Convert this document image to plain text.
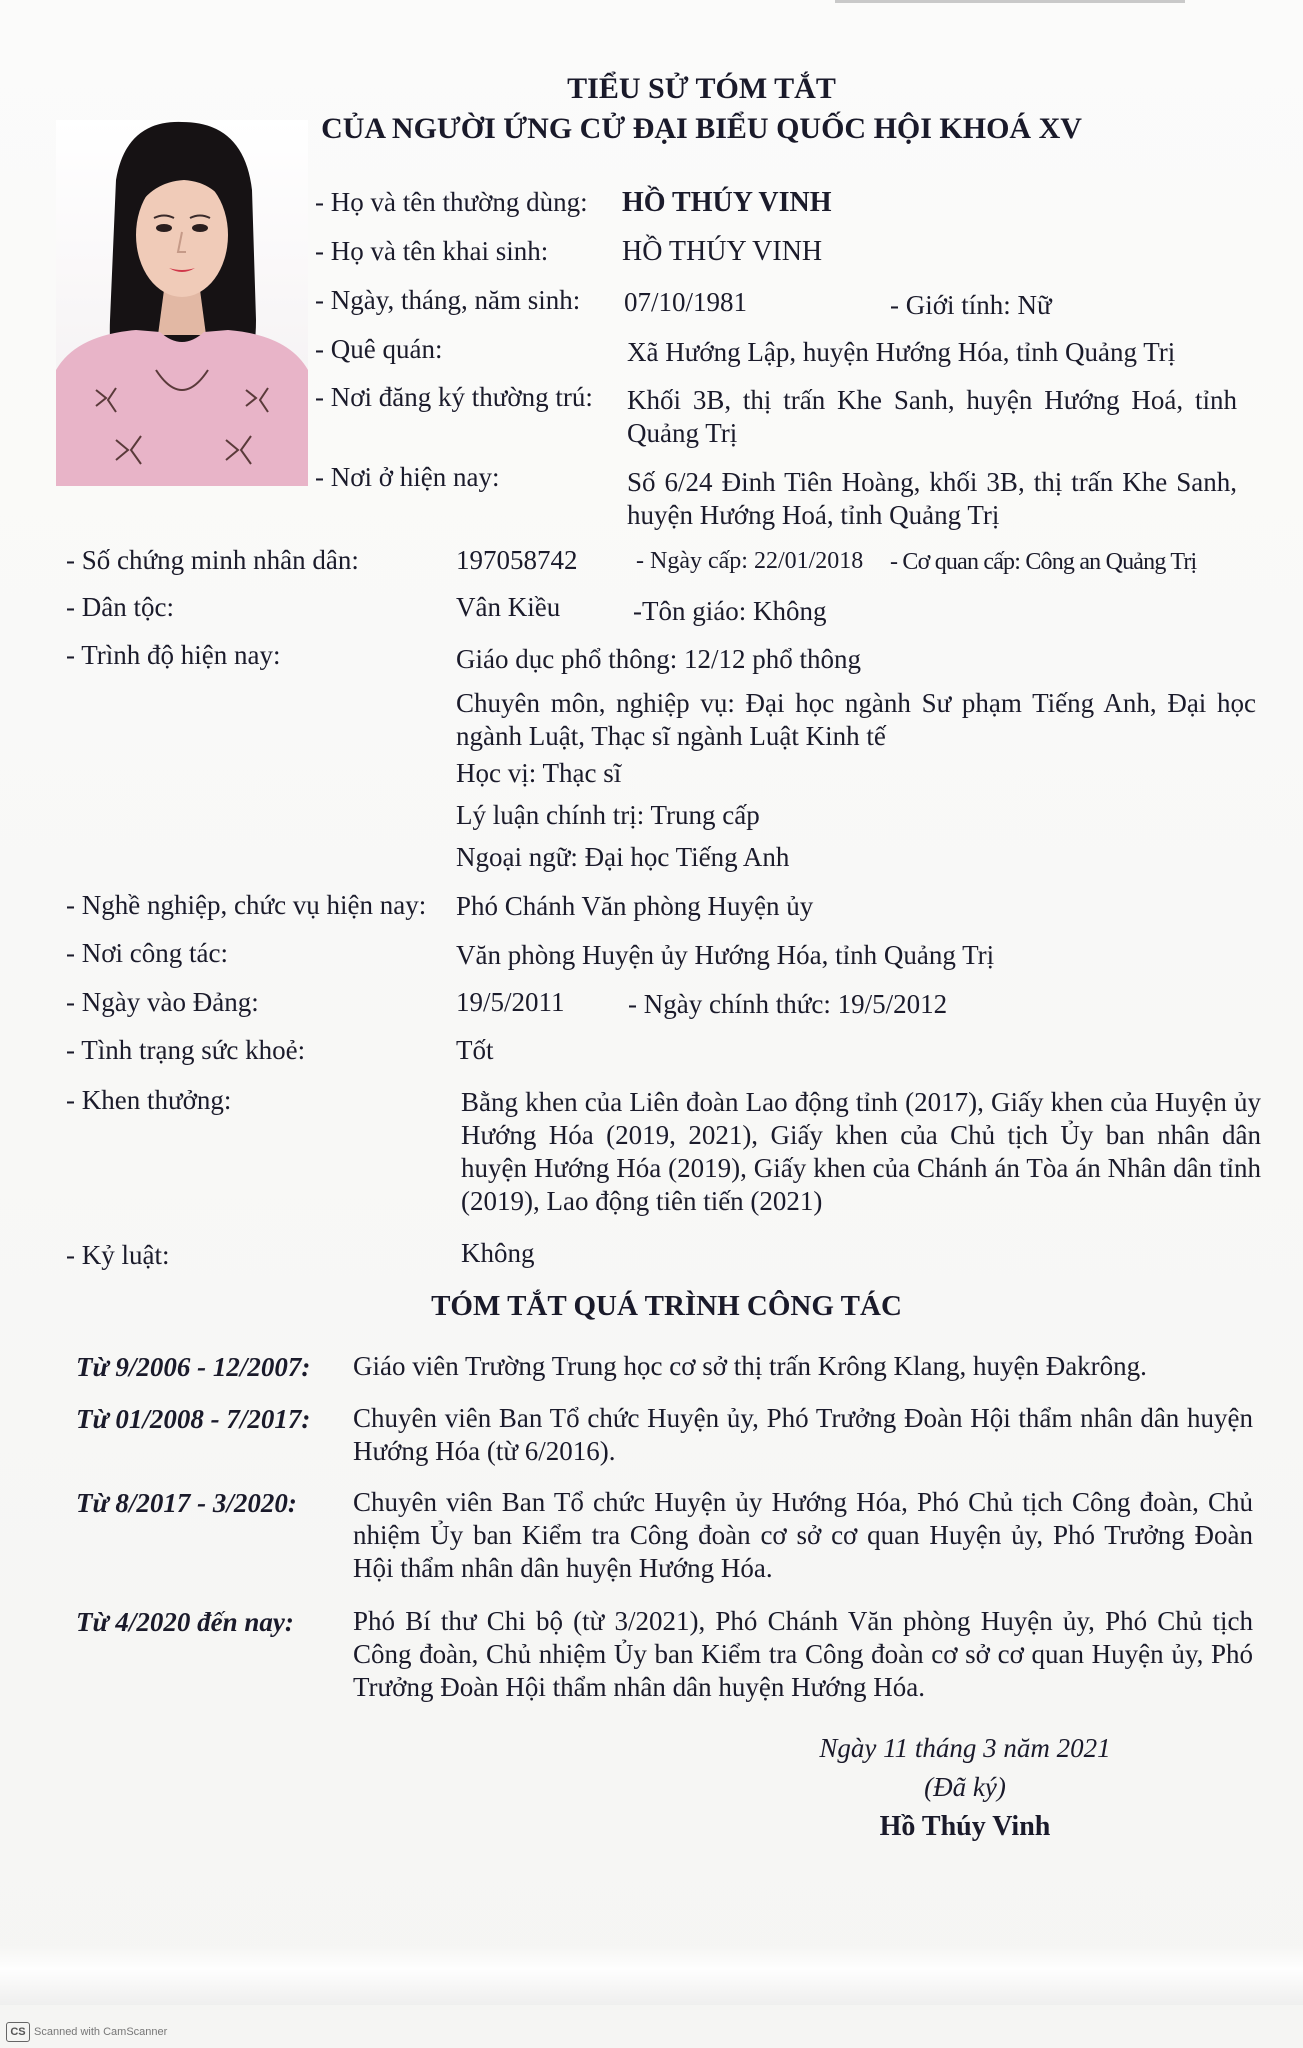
TIỂU SỬ TÓM TẮT
CỦA NGƯỜI ỨNG CỬ ĐẠI BIỂU QUỐC HỘI KHOÁ XV
- Họ và tên thường dùng: HỒ THÚY VINH
- Họ và tên khai sinh:	HỒ THÚY VINH
- Ngày, tháng, năm sinh: 07/10/1981	- Giới tính: Nữ
- Quê quán:	Xã Hướng Lập, huyện Hướng Hóa, tỉnh Quảng Trị
- Nơi đăng ký thường trú: Khối 3B, thị trấn Khe Sanh, huyện Hướng Hoá, tỉnh Quảng Trị
- Nơi ở hiện nay:	Số 6/24 Đinh Tiên Hoàng, khối 3B, thị trấn Khe Sanh, huyện Hướng Hoá, tỉnh Quảng Trị
- Số chứng minh nhân dân:	197058742 - Ngày cấp: 22/01/2018 - Cơ quan cấp: Công an Quảng Trị
- Dân tộc:	Vân Kiều	-Tôn giáo: Không
- Trình độ hiện nay:	Giáo dục phổ thông: 12/12 phổ thông
Chuyên môn, nghiệp vụ: Đại học ngành Sư phạm Tiếng Anh, Đại học ngành Luật, Thạc sĩ ngành Luật Kinh tế
Học vị: Thạc sĩ
Lý luận chính trị: Trung cấp
Ngoại ngữ: Đại học Tiếng Anh
- Nghề nghiệp, chức vụ hiện nay: Phó Chánh Văn phòng Huyện ủy
- Nơi công tác:	Văn phòng Huyện ủy Hướng Hóa, tỉnh Quảng Trị
- Ngày vào Đảng:	19/5/2011 - Ngày chính thức: 19/5/2012
- Tình trạng sức khoẻ:	Tốt
- Khen thưởng:	Bằng khen của Liên đoàn Lao động tỉnh (2017), Giấy khen của Huyện ủy Hướng Hóa (2019, 2021), Giấy khen của Chủ tịch Ủy ban nhân dân huyện Hướng Hóa (2019), Giấy khen của Chánh án Tòa án Nhân dân tỉnh (2019), Lao động tiên tiến (2021)
- Kỷ luật:	Không
TÓM TẮT QUÁ TRÌNH CÔNG TÁC
Từ 9/2006 - 12/2007: Giáo viên Trường Trung học cơ sở thị trấn Krông Klang, huyện Đakrông.
Từ 01/2008 - 7/2017: Chuyên viên Ban Tổ chức Huyện ủy, Phó Trưởng Đoàn Hội thẩm nhân dân huyện Hướng Hóa (từ 6/2016).
Từ 8/2017 - 3/2020: Chuyên viên Ban Tổ chức Huyện ủy Hướng Hóa, Phó Chủ tịch Công đoàn, Chủ nhiệm Ủy ban Kiểm tra Công đoàn cơ sở cơ quan Huyện ủy, Phó Trưởng Đoàn Hội thẩm nhân dân huyện Hướng Hóa.
Từ 4/2020 đến nay: Phó Bí thư Chi bộ (từ 3/2021), Phó Chánh Văn phòng Huyện ủy, Phó Chủ tịch Công đoàn, Chủ nhiệm Ủy ban Kiểm tra Công đoàn cơ sở cơ quan Huyện ủy, Phó Trưởng Đoàn Hội thẩm nhân dân huyện Hướng Hóa.
Ngày 11 tháng 3 năm 2021
(Đã ký)
Hồ Thúy Vinh
CS Scanned with CamScanner
